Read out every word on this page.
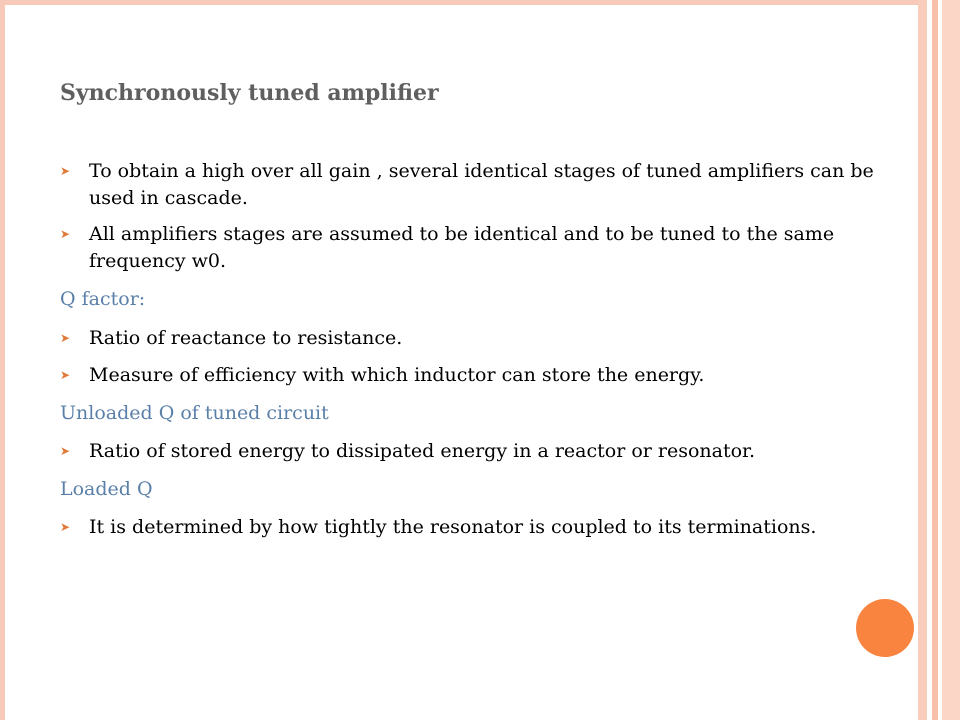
Synchronously tuned amplifier
➤ To obtain a high over all gain , several identical stages of tuned amplifiers can be used in cascade.
➤ All amplifiers stages are assumed to be identical and to be tuned to the same frequency w0.
Q factor:
➤ Ratio of reactance to resistance.
➤ Measure of efficiency with which inductor can store the energy.
Unloaded Q of tuned circuit
➤ Ratio of stored energy to dissipated energy in a reactor or resonator.
Loaded Q
➤ It is determined by how tightly the resonator is coupled to its terminations.
